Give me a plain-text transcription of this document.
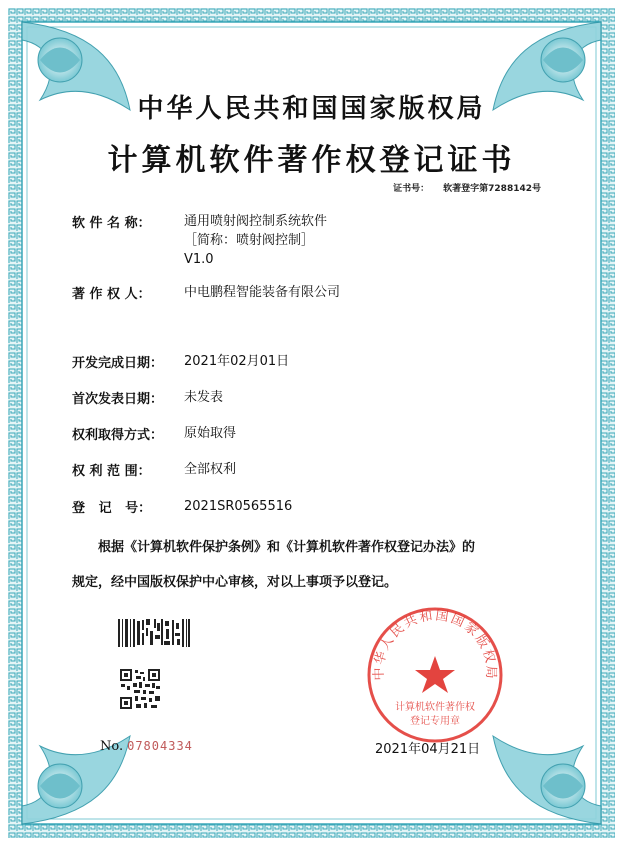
中华人民共和国国家版权局
计算机软件著作权登记证书
证书号： 软著登字第7288142号
软 件 名 称：	通用喷射阀控制系统软件
［简称：喷射阀控制］
V1.0
著 作 权 人：	中电鹏程智能装备有限公司
开发完成日期： 2021年02月01日
首次发表日期： 未发表
权利取得方式： 原始取得
权 利 范 围：	全部权利
登   记   号：	2021SR0565516
根据《计算机软件保护条例》和《计算机软件著作权登记办法》的
规定，经中国版权保护中心审核，对以上事项予以登记。
No. 07804334
中华人民共和国国家版权局
计算机软件著作权
登记专用章
2021年04月21日
